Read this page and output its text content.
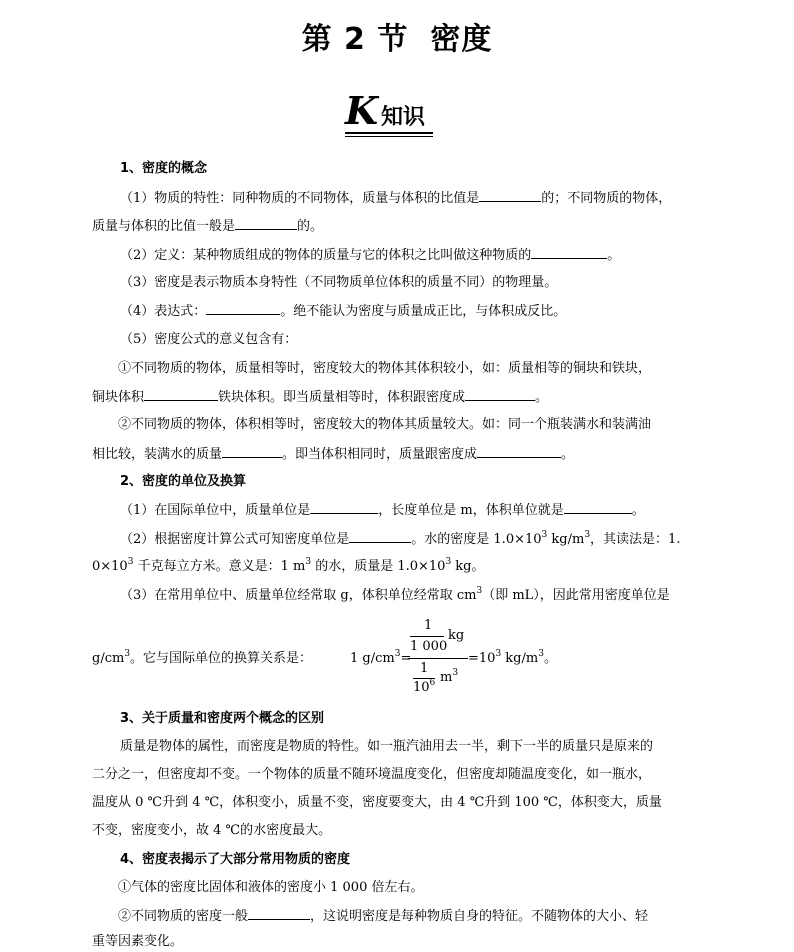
第 2 节 密度
K 知识
1、密度的概念
（1）物质的特性：同种物质的不同物体，质量与体积的比值是	的；不同物质的物体，
质量与体积的比值一般是	的。
（2）定义：某种物质组成的物体的质量与它的体积之比叫做这种物质的	。
（3）密度是表示物质本身特性（不同物质单位体积的质量不同）的物理量。
（4）表达式：	。绝不能认为密度与质量成正比，与体积成反比。
（5）密度公式的意义包含有：
①不同物质的物体，质量相等时，密度较大的物体其体积较小，如：质量相等的铜块和铁块，
铜块体积	铁块体积。即当质量相等时，体积跟密度成	。
②不同物质的物体，体积相等时，密度较大的物体其质量较大。如：同一个瓶装满水和装满油
相比较，装满水的质量	。即当体积相同时，质量跟密度成	。
2、密度的单位及换算
（1）在国际单位中，质量单位是	，长度单位是 m，体积单位就是	。
（2）根据密度计算公式可知密度单位是	。水的密度是 $1.0\times 10^3$ $kg/m^3$，其读法是：1.
$0\times 10^3$ 千克每立方米。意义是：1 $m^3$ 的水，质量是 $1.0\times 10^3$ kg。
（3）在常用单位中、质量单位经常取 g，体积单位经常取 $cm^3$（即 mL），因此常用密度单位是
$g/cm^3$。它与国际单位的换算关系是：	1 $g/cm^3=$
1
1 000
kg
1
$10^6$ $m^3$
$=10^3$ $kg/m^3$。
3、关于质量和密度两个概念的区别
质量是物体的属性，而密度是物质的特性。如一瓶汽油用去一半，剩下一半的质量只是原来的
二分之一，但密度却不变。一个物体的质量不随环境温度变化，但密度却随温度变化，如一瓶水，
温度从 0 ℃升到 4 ℃，体积变小，质量不变，密度要变大，由 4 ℃升到 100 ℃，体积变大，质量
不变，密度变小，故 4 ℃的水密度最大。
4、密度表揭示了大部分常用物质的密度
①气体的密度比固体和液体的密度小 1 000 倍左右。
②不同物质的密度一般	，这说明密度是每种物质自身的特征。不随物体的大小、轻
重等因素变化。
